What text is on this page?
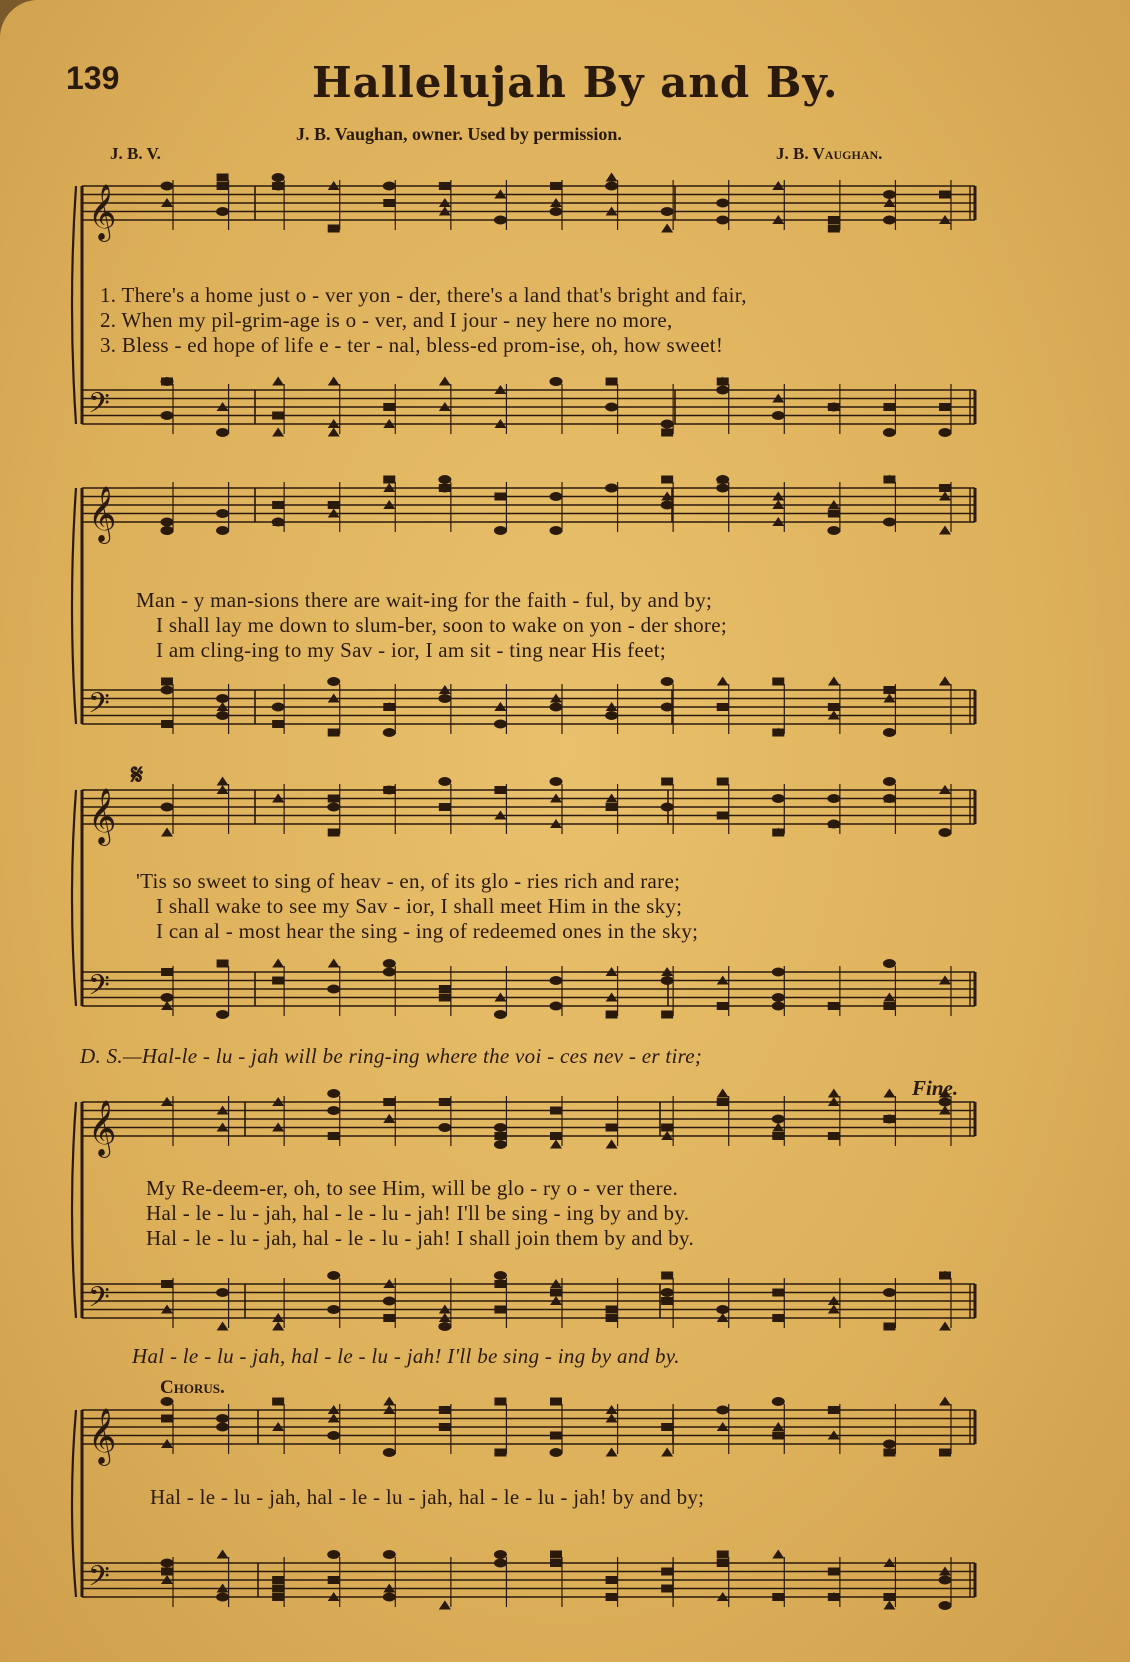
139	Hallelujah By and By.
J. B. Vaughan, owner. Used by permission.
J. B. V.	J. B. Vaughan.
𝄞
𝄢
𝄞
𝄢
𝄞
𝄢
𝄞
𝄢
𝄞
𝄢
𝄋
Fine.
Chorus.
1. There's a home just o - ver yon - der, there's a land that's bright and fair,
2. When my pil-grim-age is o - ver, and I jour - ney here no more,
3. Bless - ed hope of life e - ter - nal, bless-ed prom-ise, oh, how sweet!
Man - y man-sions there are wait-ing for the faith - ful, by and by;
I shall lay me down to slum-ber, soon to wake on yon - der shore;
I am cling-ing to my Sav - ior, I am sit - ting near His feet;
'Tis so sweet to sing of heav - en, of its glo - ries rich and rare;
I shall wake to see my Sav - ior, I shall meet Him in the sky;
I can al - most hear the sing - ing of redeemed ones in the sky;
D. S.—Hal-le - lu - jah will be ring-ing where the voi - ces nev - er tire;
My Re-deem-er, oh, to see Him, will be glo - ry o - ver there.
Hal - le - lu - jah, hal - le - lu - jah! I'll be sing - ing by and by.
Hal - le - lu - jah, hal - le - lu - jah! I shall join them by and by.
Hal - le - lu - jah, hal - le - lu - jah! I'll be sing - ing by and by.
Hal - le - lu - jah, hal - le - lu - jah, hal - le - lu - jah! by and by;
